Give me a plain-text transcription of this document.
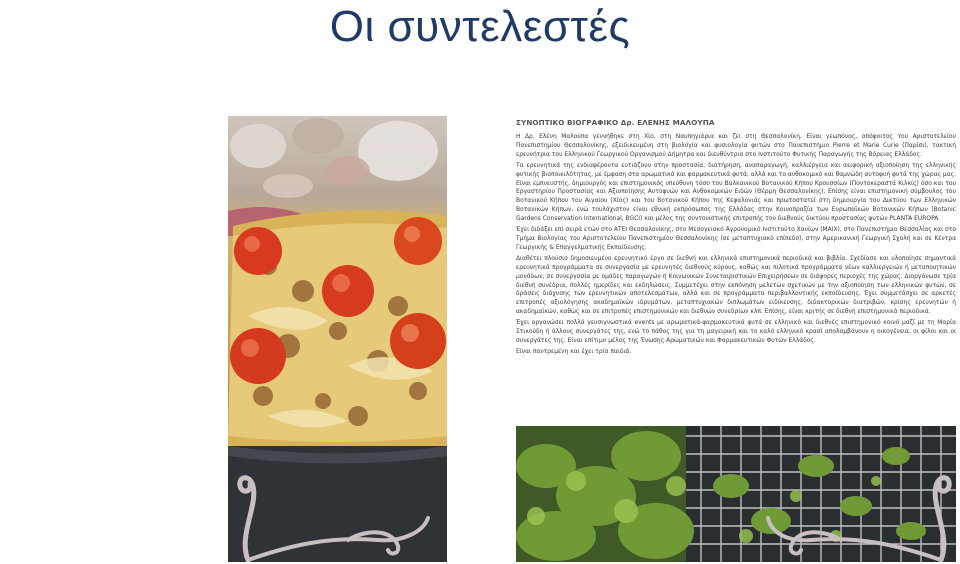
Οι συντελεστές

ΣΥΝΟΠΤΙΚΟ ΒΙΟΓΡΑΦΙΚΟ Δρ. ΕΛΕΝΗΣ ΜΑΛΟΥΠΑ

Η Δρ. Ελένη Μαλούπα γεννήθηκε στη Χίο, στη Ναυπηγιάρια και ζει στη Θεσσαλονίκη. Είναι γεωπόνος, απόφοιτος του Αριστοτελείου Πανεπιστημίου Θεσσαλονίκης, εξειδικευμένη στη βιολογία και φυσιολογία φυτών στο Πανεπιστήμιο Pierre et Marie Curie (Παρίσι), τακτική ερευνήτρια του Ελληνικού Γεωργικού Οργανισμού Δήμητρα και διευθύντρια στο Ινστιτούτο Φυτικής Παραγωγής της Βόρειας Ελλάδος.

Τα ερευνητικά της ενδιαφέροντα ευτιάζουν στην προστασία, διατήρηση, αναπαραγωγή, καλλιέργεια και αειφορική αξιοποίηση της ελληνικής φυτικής βιοποικιλότητας, με έμφαση στα αρωματικά και φαρμακευτικά φυτά, αλλά και το ανθοκομικό και θαμνώδη αυτοφυή φυτά της χώρας μας. Είναι εμπνευστής, δημιουργός και επιστημονικός υπεύθυνη τόσο του Βαλκανικού Βοτανικού Κήπου Κρουσσίων (Ποντοκεραστά Κιλκίς) όσο και του Εργαστηρίου Προστασίας και Αξιοποίησης Αυτοφυών και Ανθοκομικών Ειδών (Θέρμη Θεσσαλονίκης). Επίσης είναι επιστημονική σύμβουλος του Βοτανικού Κήπου του Αιγαίου (Χίος) και του Βοτανικού Κήπου της Κεφαλονιάς και πρωτοστατεί στη δημιουργία του Δικτύου των Ελληνικών Βοτανικών Κήπων, ενώ τουλάχιστον είναι εθνική εκπρόσωπος της Ελλάδας στην Κοινοπραξία των Ευρωπαϊκών Βοτανικών Κήπων (Botanic Gardens Conservation International, BGCI) και μέλος της συντονιστικής επιτροπής του διεθνούς δικτύου προστασίας φυτών PLANTA EUROPA.

Έχει διδάξει επί σειρά ετών στο ΑΤΕΙ Θεσσαλονίκης, στο Μεσογειακό Αγρονομικό Ινστιτούτο Χανίων (ΜΑΙΧ), στο Πανεπιστήμιο Θεσσαλίας και στο Τμήμα Βιολογίας του Αριστοτελείου Πανεπιστημίου Θεσσαλονίκης (σε μεταπτυχιακό επίπεδο), στην Αμερικανική Γεωργική Σχολή και σε Κέντρα Γεωργικής & Επαγγελματικής Εκπαίδευσης.

Διαθέτει πλούσιο δημοσιευμένο ερευνητικό έργο σε διεθνή και ελληνικά επιστημονικά περιοδικά και βιβλία. Σχεδίασε και υλοποίησε σημαντικά ερευνητικά προγράμματα σε συνεργασία με ερευνητές διεθνούς κύρους, καθώς και πιλοτικά προγράμματα νέων καλλιεργειών ή μεταποιητικών μονάδων, σε συνεργασία με ομάδες παραγωγών ή Κοινωνικών Συνεταιριστικών Επιχειρήσεων σε διάφορες περιοχές της χώρας. Διοργάνωσε τρία διεθνή συνέδρια, πολλές ημερίδες και εκδηλώσεις. Συμμετέχει στην εκπόνηση μελετών σχετικών με την αξιοποίηση των ελληνικών φυτών, σε δράσεις διάχυσης των ερευνητικών αποτελεσμάτων, αλλά και σε προγράμματα περιβαλλοντικής εκπαίδευσης. Έχει συμμετάσχει σε αρκετές επιτροπές αξιολόγησης ακαδημαϊκών ιδρυμάτων, μεταπτυχιακών διπλωμάτων ειδίκευσης, διδακτορικών διατριβών, κρίσης ερευνητών ή ακαδημαϊκών, καθώς και σε επιτροπές επιστημονικών και διεθνών συνεδρίων κλπ. Επίσης, είναι κριτής σε διεθνή επιστημονικά περιοδικά.

Έχει οργανώσει πολλά γευσιγνωστικά events με αρωματικά-φαρμακευτικά φυτά σε ελληνικό και διεθνές επιστημονικό κοινό μαζί με τη Μαρία Στικούδη ή άλλους συνεργάτες της, ενώ το πάθος της για τη μαγειρική και το καλό ελληνικό κρασί απολαμβάνουν η οικογένεια, οι φίλοι και οι συνεργάτες της. Είναι επίτιμο μέλος της Ένωσης Αρωματικών και Φαρμακευτικών Φυτών Ελλάδος.

Είναι παντρεμένη και έχει τρία παιδιά.
